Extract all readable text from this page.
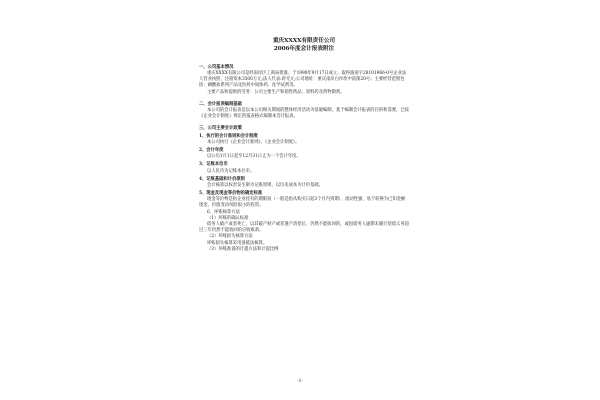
重庆XXXX有限责任公司
2006年度会计报表附注
一、公司基本情况
重庆XXXX有限公司是经南岸区工商局批准，于1998年9月17日成立，取得渝南字28101966-0号企业法人营业执照，注册资本3500万元;法人代表:蒋光元;公司地址：重庆南岸白沙坎中前街20号；主要经营范围包括：磷酸盐系列产品及医药中间体药、化学试剂等。
主要产品和提供的劳务：公司主要生产和销售药品、原料药及药物制剂。
二、会计报表编制基础
本公司的会计报表是以本公司相关期间的整体经济活动为基础编制，基于编制会计报表的目的和需要，已按《企业会计制度》规定的报表格式编制本会计报表。
三、公司主要会计政策
1、执行的会计准则和会计制度
本公司执行《企业会计准则》、《企业会计制度》。
2、会计年度
以公历1月1日起至12月31日止为一个会计年度。
3、记账本位币
以人民币为记账本位币。
4、记账基础和计价原则
会计核算以权责发生制为记账原则，以历史成本为计价基础。
5、现金及现金等价物的确定标准
现金等价物是指企业持有的期限短（一般是指从购买日起3个月内到期）、流动性强、易于转换为已知金额现金、价值变动风险很小的投资。
6、坏账核算方法
（1）坏账的确认标准
债务人破产或者死亡，以其破产财产或者遗产清偿后，仍然不能收回的，或因债务人逾期未履行偿债义务超过三年仍然不能收回的应收账款。
（2）坏账损失核算方法
坏账损失核算采用备抵法核算。
（3）坏账准备的计提方法和计提比例
-1-
